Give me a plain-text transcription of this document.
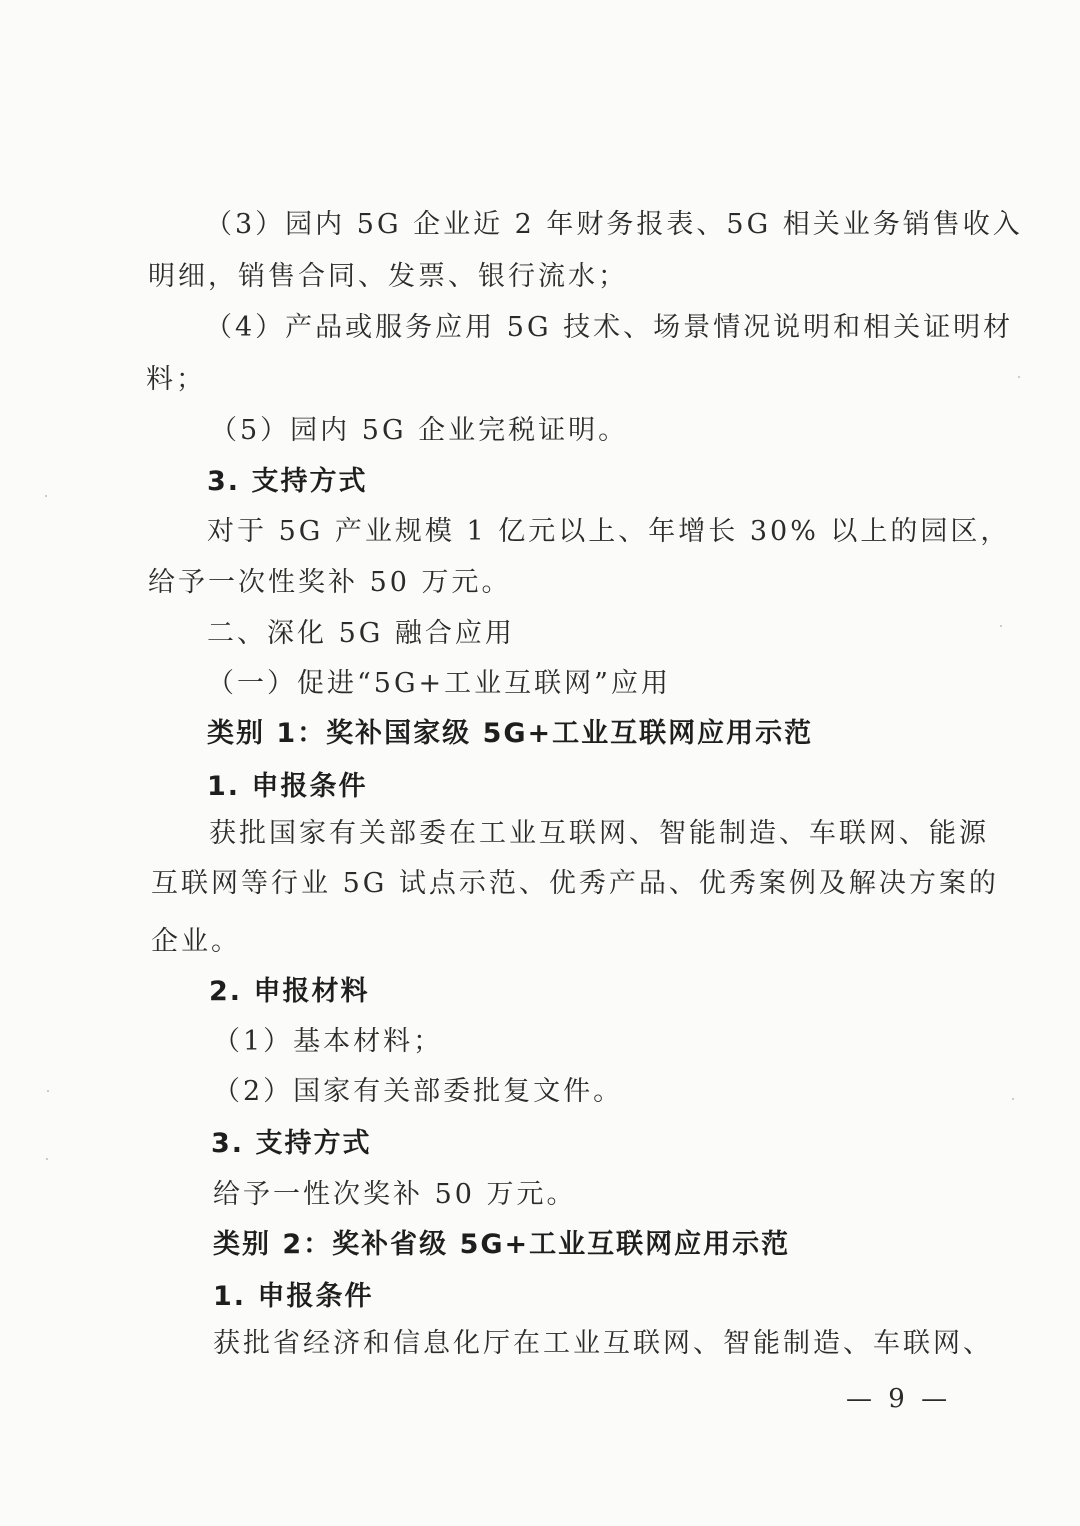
（3）园内 5G 企业近 2 年财务报表、5G 相关业务销售收入
明细，销售合同、发票、银行流水；
（4）产品或服务应用 5G 技术、场景情况说明和相关证明材
料；
（5）园内 5G 企业完税证明。
3. 支持方式
对于 5G 产业规模 1 亿元以上、年增长 30% 以上的园区，
给予一次性奖补 50 万元。
二、深化 5G 融合应用
（一）促进“5G+工业互联网”应用
类别 1：奖补国家级 5G+工业互联网应用示范
1. 申报条件
获批国家有关部委在工业互联网、智能制造、车联网、能源
互联网等行业 5G 试点示范、优秀产品、优秀案例及解决方案的
企业。
2. 申报材料
（1）基本材料；
（2）国家有关部委批复文件。
3. 支持方式
给予一性次奖补 50 万元。
类别 2：奖补省级 5G+工业互联网应用示范
1. 申报条件
获批省经济和信息化厅在工业互联网、智能制造、车联网、
— 9 —
